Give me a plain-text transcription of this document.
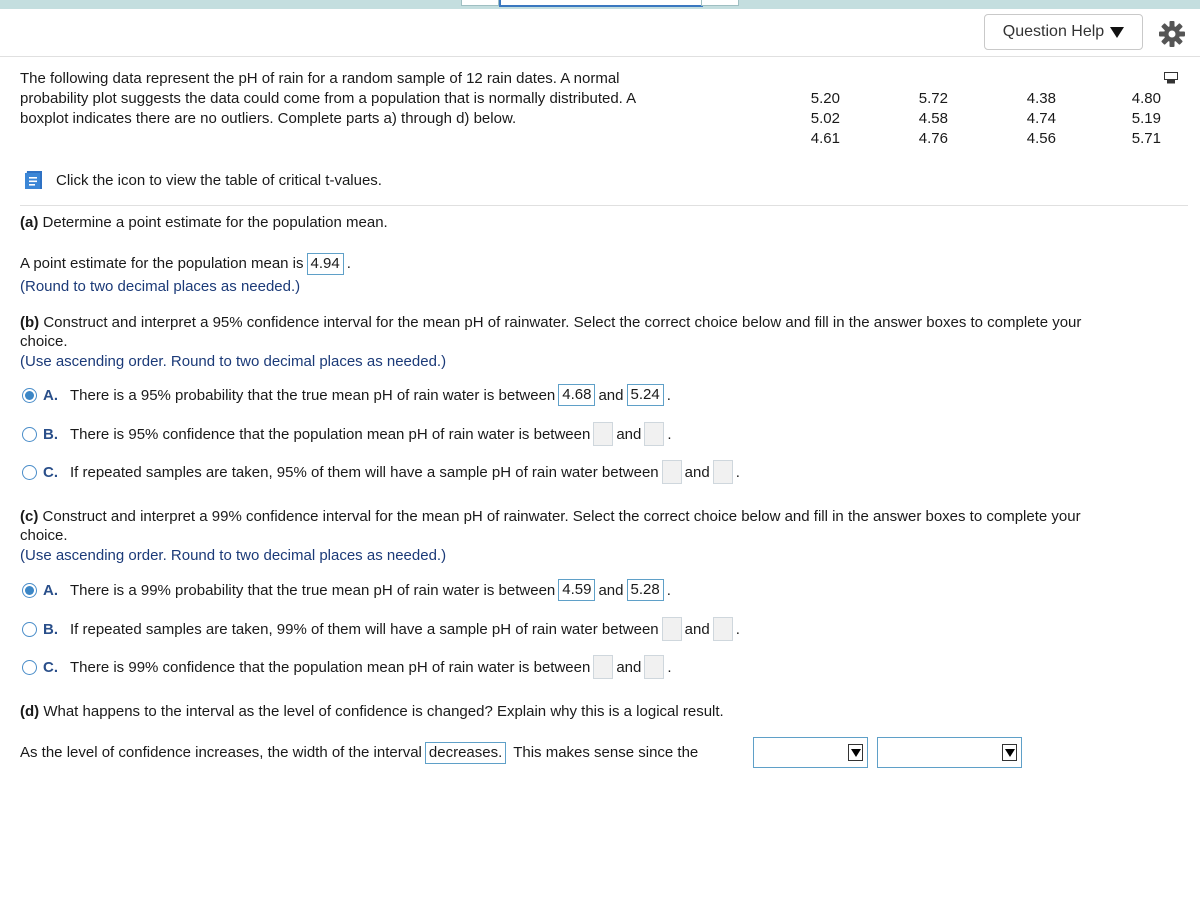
Question Help
The following data represent the pH of rain for a random sample of 12 rain dates. A normal probability plot suggests the data could come from a population that is normally distributed. A boxplot indicates there are no outliers. Complete parts a) through d) below.
5.20	5.72	4.38	4.80
5.02	4.58	4.74	5.19
4.61	4.76	4.56	5.71
Click the icon to view the table of critical t-values.
(a) Determine a point estimate for the population mean.
A point estimate for the population mean is 4.94 .
(Round to two decimal places as needed.)
(b) Construct and interpret a 95% confidence interval for the mean pH of rainwater. Select the correct choice below and fill in the answer boxes to complete your
choice.
(Use ascending order. Round to two decimal places as needed.)
A. There is a 95% probability that the true mean pH of rain water is between 4.68 and 5.24 .
B. There is 95% confidence that the population mean pH of rain water is between and .
C. If repeated samples are taken, 95% of them will have a sample pH of rain water between and .
(c) Construct and interpret a 99% confidence interval for the mean pH of rainwater. Select the correct choice below and fill in the answer boxes to complete your
choice.
(Use ascending order. Round to two decimal places as needed.)
A. There is a 99% probability that the true mean pH of rain water is between 4.59 and 5.28 .
B. If repeated samples are taken, 99% of them will have a sample pH of rain water between and .
C. There is 99% confidence that the population mean pH of rain water is between and .
(d) What happens to the interval as the level of confidence is changed? Explain why this is a logical result.
As the level of confidence increases, the width of the interval decreases. This makes sense since the
